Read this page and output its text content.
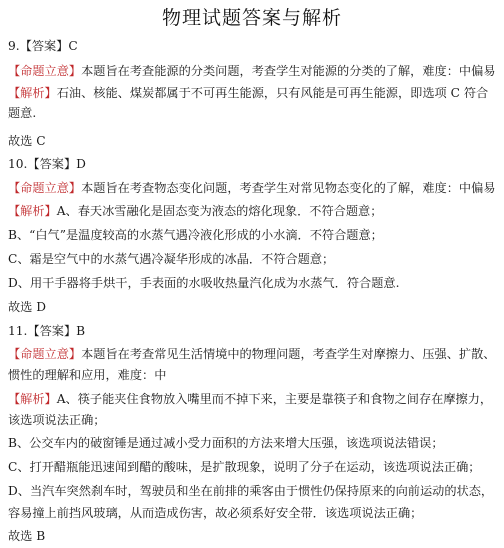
物理试题答案与解析
9.【答案】C
【命题立意】本题旨在考查能源的分类问题，考查学生对能源的分类的了解，难度：中偏易
【解析】石油、核能、煤炭都属于不可再生能源，只有风能是可再生能源，即选项 C 符合
题意.
故选 C
10.【答案】D
【命题立意】本题旨在考查物态变化问题，考查学生对常见物态变化的了解，难度：中偏易
【解析】A、春天冰雪融化是固态变为液态的熔化现象．不符合题意；
B、“白气”是温度较高的水蒸气遇冷液化形成的小水滴．不符合题意；
C、霜是空气中的水蒸气遇冷凝华形成的冰晶．不符合题意；
D、用干手器将手烘干，手表面的水吸收热量汽化成为水蒸气．符合题意.
故选 D
11.【答案】B
【命题立意】本题旨在考查常见生活情境中的物理问题，考查学生对摩擦力、压强、扩散、
惯性的理解和应用，难度：中
【解析】A、筷子能夹住食物放入嘴里而不掉下来，主要是靠筷子和食物之间存在摩擦力，
该选项说法正确；
B、公交车内的破窗锤是通过减小受力面积的方法来增大压强，该选项说法错误；
C、打开醋瓶能迅速闻到醋的酸味，是扩散现象，说明了分子在运动，该选项说法正确；
D、当汽车突然刹车时，驾驶员和坐在前排的乘客由于惯性仍保持原来的向前运动的状态，
容易撞上前挡风玻璃，从而造成伤害，故必须系好安全带．该选项说法正确；
故选 B
